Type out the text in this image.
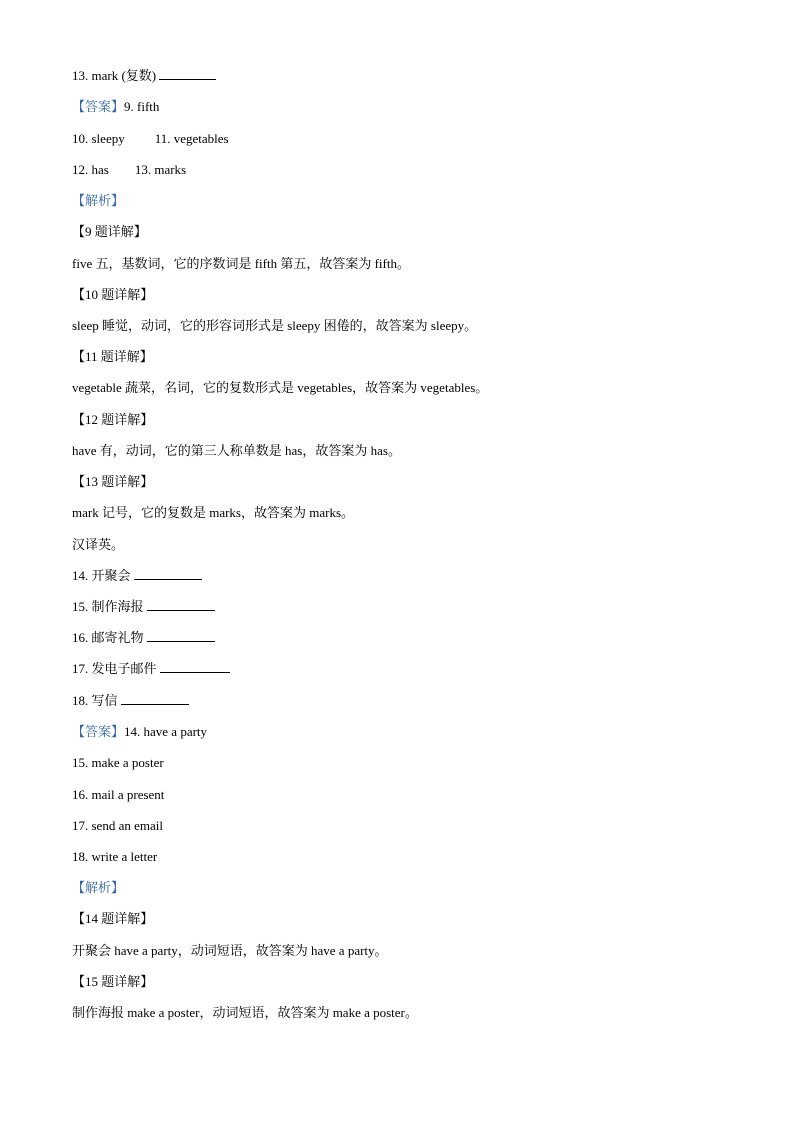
13. mark (复数)
【答案】9. fifth
10. sleepy 11. vegetables
12. has 13. marks
【解析】
【9 题详解】
five 五，基数词，它的序数词是 fifth 第五，故答案为 fifth。
【10 题详解】
sleep 睡觉，动词，它的形容词形式是 sleepy 困倦的，故答案为 sleepy。
【11 题详解】
vegetable 蔬菜，名词，它的复数形式是 vegetables，故答案为 vegetables。
【12 题详解】
have 有，动词，它的第三人称单数是 has，故答案为 has。
【13 题详解】
mark 记号，它的复数是 marks，故答案为 marks。
汉译英。
14. 开聚会
15. 制作海报
16. 邮寄礼物
17. 发电子邮件
18. 写信
【答案】14. have a party
15. make a poster
16. mail a present
17. send an email
18. write a letter
【解析】
【14 题详解】
开聚会 have a party，动词短语，故答案为 have a party。
【15 题详解】
制作海报 make a poster，动词短语，故答案为 make a poster。
